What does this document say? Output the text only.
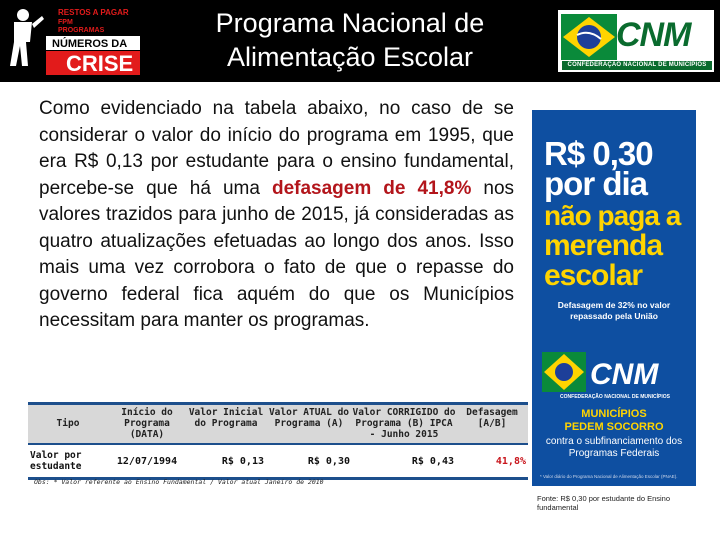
RESTOS A PAGAR
FPM
PROGRAMAS
NÚMEROS DA
CRISE
Programa Nacional de
Alimentação Escolar
CNM
CONFEDERAÇÃO NACIONAL DE MUNICÍPIOS
Como evidenciado na tabela abaixo, no caso de se considerar o valor do início do programa em 1995, que era R$ 0,13 por estudante para o ensino fundamental, percebe-se que há uma defasagem de 41,8% nos valores trazidos para junho de 2015, já consideradas as quatro atualizações efetuadas ao longo dos anos. Isso mais uma vez corrobora o fato de que o repasse do governo federal fica aquém do que os Municípios necessitam para manter os programas.
R$ 0,30
por dia
não paga a
merenda
escolar
Defasagem de 32% no valor repassado pela União
CNM
CONFEDERAÇÃO NACIONAL DE MUNICÍPIOS
MUNICÍPIOS
PEDEM SOCORRO
contra o subfinanciamento dos Programas Federais
* Valor diário do Programa Nacional de Alimentação Escolar (PNAE).
Fonte: R$ 0,30 por estudante do Ensino fundamental
Tipo	Início do Programa (DATA)	Valor Inicial do Programa	Valor ATUAL do Programa (A)	Valor CORRIGIDO do Programa (B) IPCA - Junho 2015	Defasagem [A/B]
Valor por estudante	12/07/1994	R$ 0,13	R$ 0,30	R$ 0,43	41,8%
Obs: * Valor referente ao Ensino Fundamental / Valor atual Janeiro de 2010
